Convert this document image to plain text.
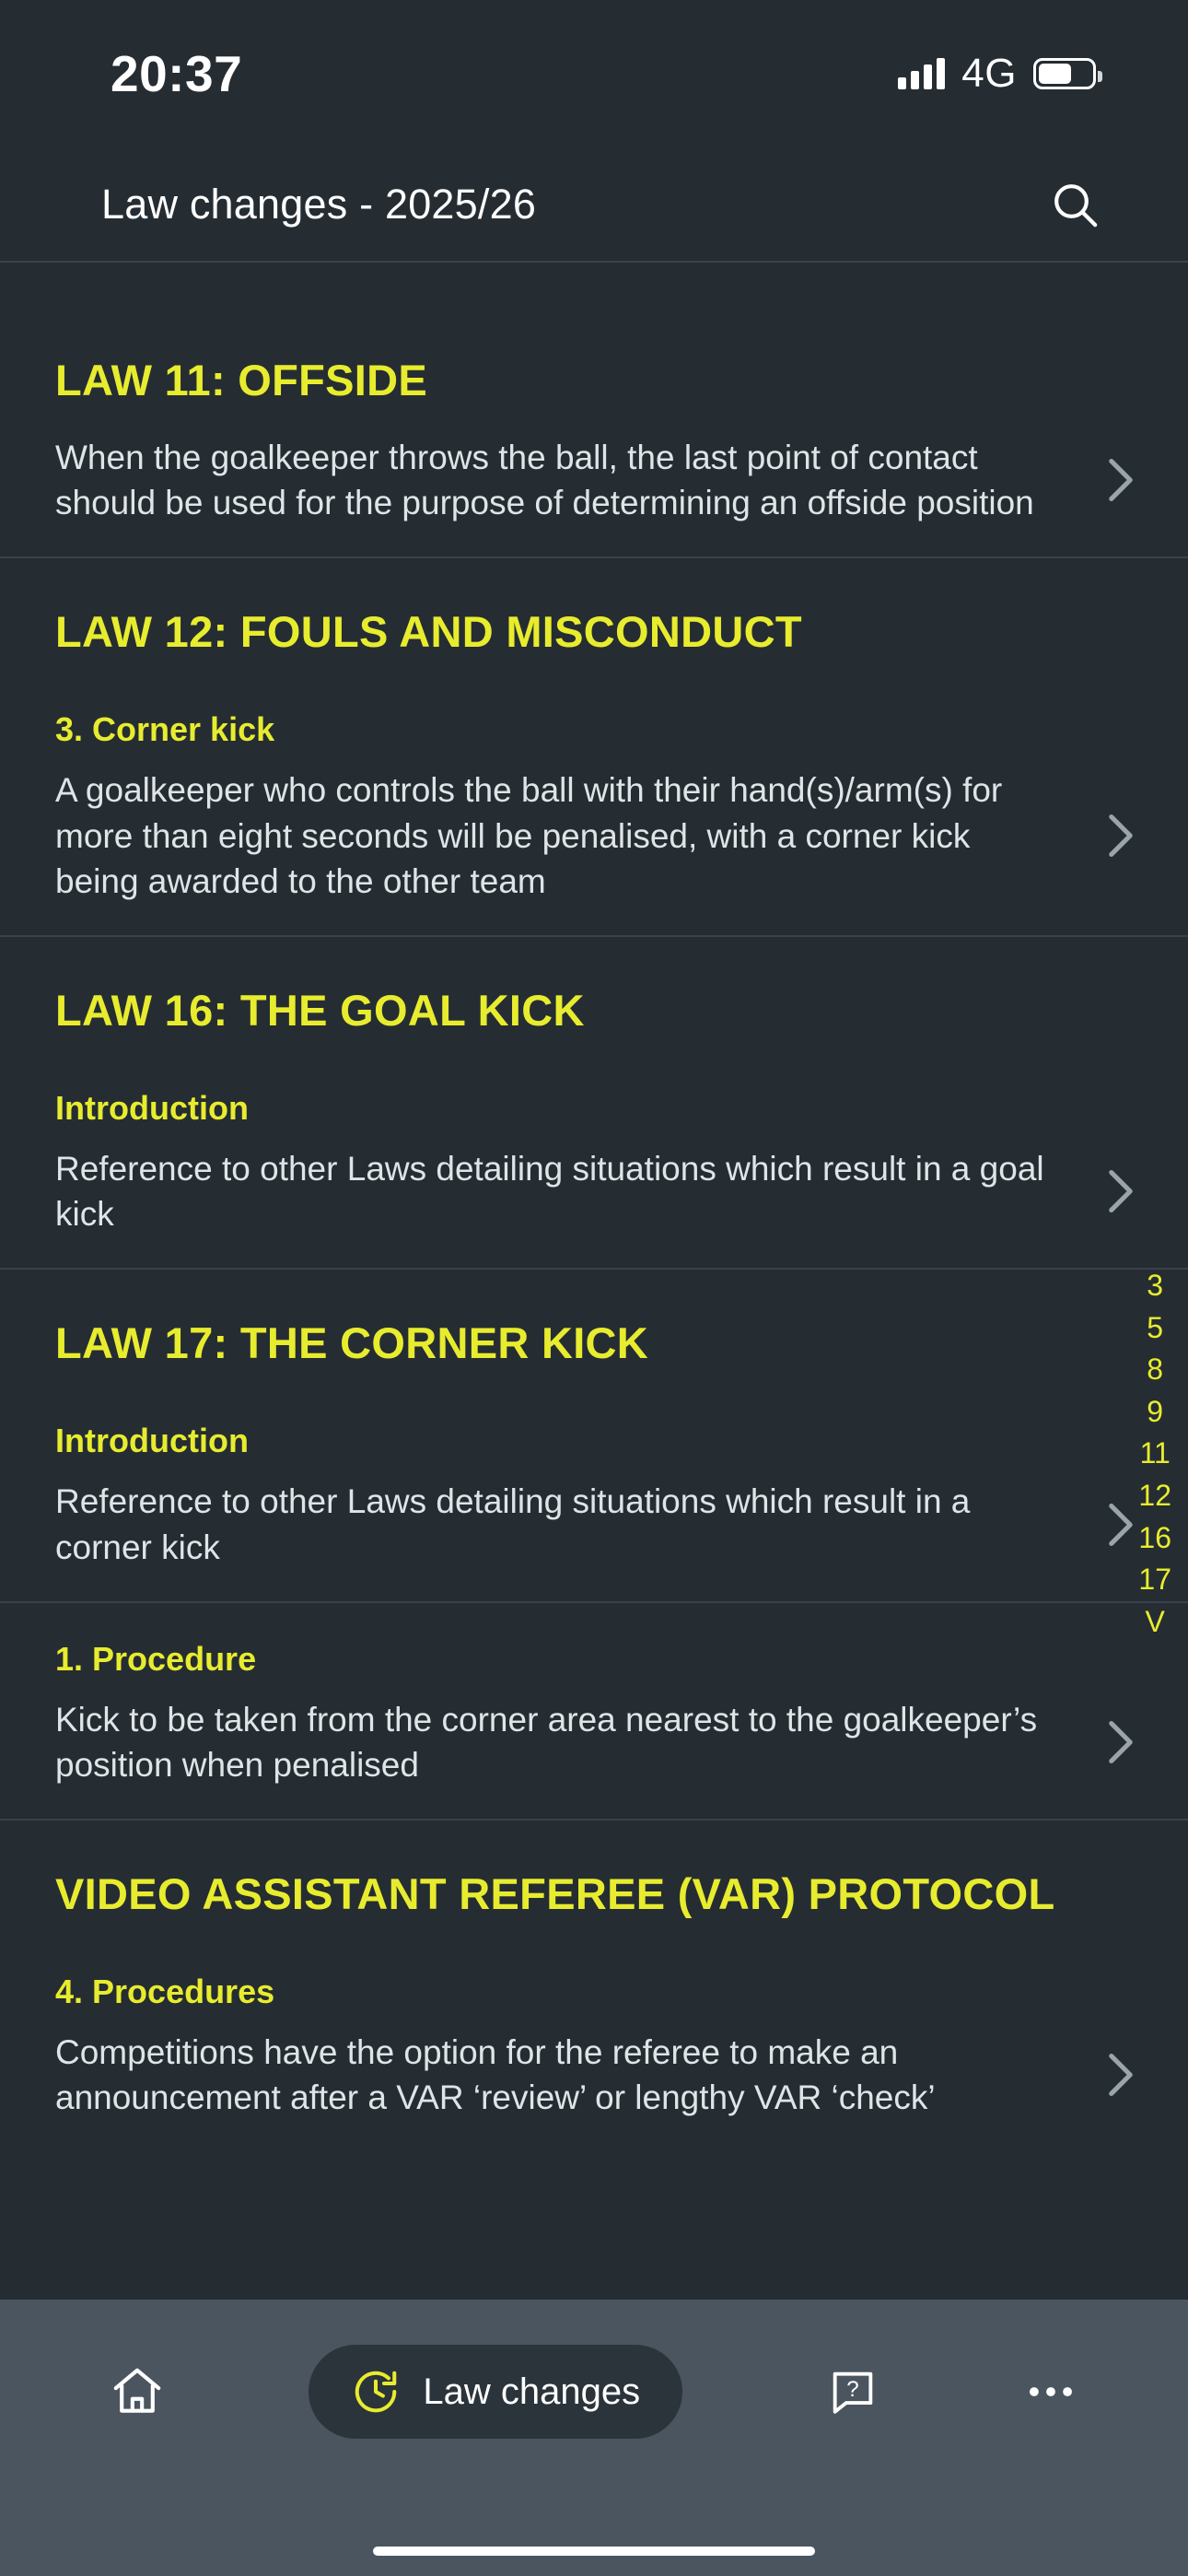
20:37	4G
Law changes - 2025/26
LAW 11: OFFSIDE
When the goalkeeper throws the ball, the last point of contact should be used for the purpose of determining an offside position
LAW 12: FOULS AND MISCONDUCT
3. Corner kick
A goalkeeper who controls the ball with their hand(s)/arm(s) for more than eight seconds will be penalised, with a corner kick being awarded to the other team
LAW 16: THE GOAL KICK
Introduction
Reference to other Laws detailing situations which result in a goal kick
LAW 17: THE CORNER KICK
Introduction
Reference to other Laws detailing situations which result in a corner kick
1. Procedure
Kick to be taken from the corner area nearest to the goalkeeper’s position when penalised
VIDEO ASSISTANT REFEREE (VAR) PROTOCOL
4. Procedures
Competitions have the option for the referee to make an announcement after a VAR ‘review’ or lengthy VAR ‘check’
3
5
8
9
11
12
16
17
V
Law changes	?
